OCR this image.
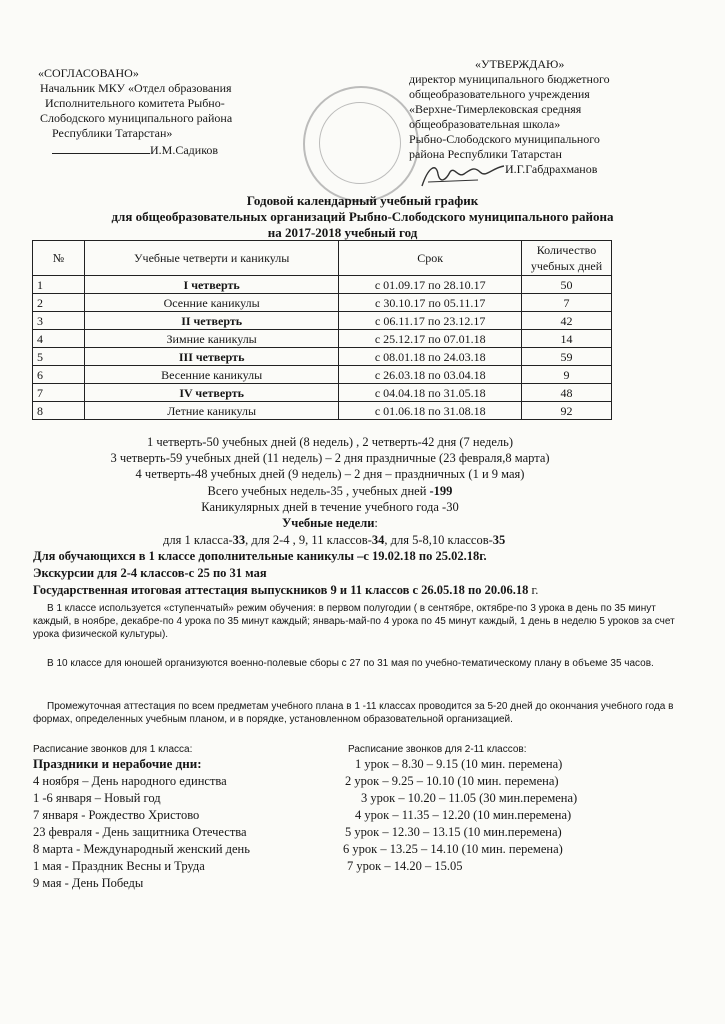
«СОГЛАСОВАНО»
Начальник МКУ «Отдел образования
Исполнительного комитета Рыбно-
Слободского муниципального района
Республики Татарстан»
И.М.Садиков

«УТВЕРЖДАЮ»
директор муниципального бюджетного
общеобразовательного учреждения
«Верхне-Тимерлековская средняя
общеобразовательная школа»
Рыбно-Слободского муниципального
района Республики Татарстан
И.Г.Габдрахманов
Годовой календарный учебный график
для общеобразовательных организаций Рыбно-Слободского муниципального района
на 2017-2018 учебный год
№	Учебные четверти и каникулы	Срок	Количество учебных дней
1	I четверть	с 01.09.17 по 28.10.17	50
2	Осенние каникулы	с 30.10.17 по 05.11.17	7
3	II четверть	с 06.11.17 по 23.12.17	42
4	Зимние каникулы	с 25.12.17 по 07.01.18	14
5	III четверть	с 08.01.18 по 24.03.18	59
6	Весенние каникулы	с 26.03.18 по 03.04.18	9
7	IV четверть	с 04.04.18 по 31.05.18	48
8	Летние каникулы	с 01.06.18 по 31.08.18	92
1 четверть-50 учебных дней (8 недель) , 2 четверть-42 дня (7 недель)
3 четверть-59 учебных дней (11 недель) – 2 дня праздничные (23 февраля,8 марта)
4 четверть-48 учебных дней (9 недель) – 2 дня – праздничных (1 и 9 мая)
Всего учебных недель-35 , учебных дней -199
Каникулярных дней в течение учебного года -30
Учебные недели:
для 1 класса-33, для 2-4 , 9, 11 классов-34, для 5-8,10 классов-35
Для обучающихся в 1 классе дополнительные каникулы –с 19.02.18 по 25.02.18г.
Экскурсии для 2-4 классов-с 25 по 31 мая
Государственная итоговая аттестация выпускников 9 и 11 классов с 26.05.18 по 20.06.18 г.
В 1 классе используется «ступенчатый» режим обучения: в первом полугодии ( в сентябре, октябре-по 3 урока в день по 35 минут каждый, в ноябре, декабре-по 4 урока по 35 минут каждый; январь-май-по 4 урока по 45 минут каждый, 1 день в неделю 5 уроков за счет урока физической культуры).
В 10 классе для юношей организуются военно-полевые сборы с 27 по 31 мая по учебно-тематическому плану в объеме 35 часов.
Промежуточная аттестация по всем предметам учебного плана в 1 -11 классах проводится за 5-20 дней до окончания учебного года в формах, определенных учебным планом, и в порядке, установленном образовательной организацией.
Расписание звонков для 1 класса:	Расписание звонков для 2-11 классов:
Праздники и нерабочие дни:
4 ноября – День народного единства
1 -6 января – Новый год
7 января - Рождество Христово
23 февраля - День защитника Отечества
8 марта - Международный женский день
1 мая - Праздник Весны и Труда
9 мая - День Победы
1 урок – 8.30 – 9.15 (10 мин. перемена)
2 урок – 9.25 – 10.10 (10 мин. перемена)
3 урок – 10.20 – 11.05 (30 мин.перемена)
4 урок – 11.35 – 12.20 (10 мин.перемена)
5 урок – 12.30 – 13.15 (10 мин.перемена)
6 урок – 13.25 – 14.10 (10 мин. перемена)
7 урок – 14.20 – 15.05
